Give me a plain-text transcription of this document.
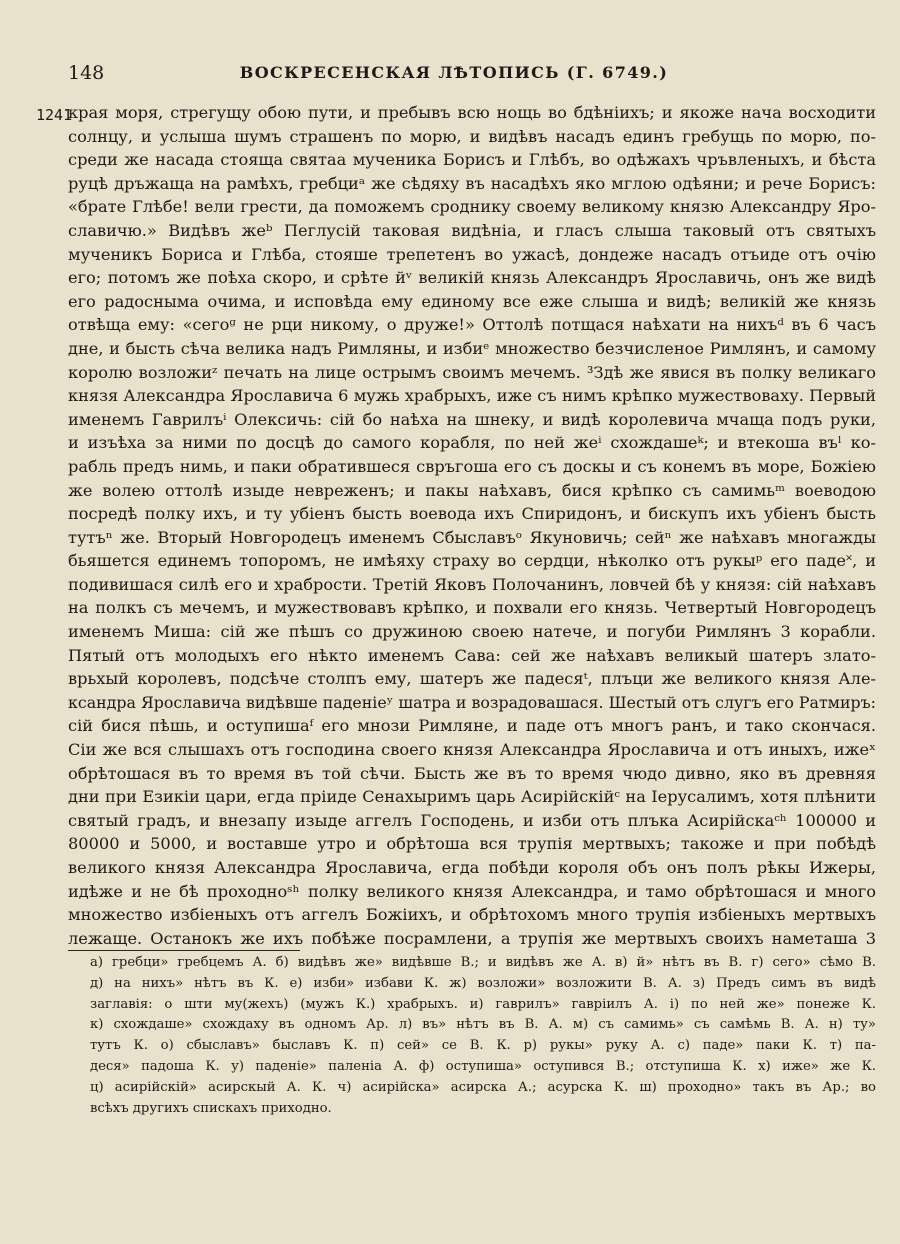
148	ВОСКРЕСЕНСКАЯ ЛѢТОПИСЬ (Г. 6749.)
1241
края моря, стрегущу обою пути, и пребывъ всю нощь во бдѣнiихъ; и якоже нача восходити
солнцу, и услыша шумъ страшенъ по морю, и видѣвъ насадъ единъ гребущь по морю, по-
среди же насада стояща святаа мученика Борисъ и Глѣбъ, во одѣжахъ чръвленыхъ, и бѣста
руцѣ дръжаща на рамѣхъ, гребциᵃ же сѣдяху въ насадѣхъ яко мглою одѣяни; и рече Борисъ:
«брате Глѣбе! вели грести, да поможемъ сроднику своему великому князю Александру Яро-
славичю.» Видѣвъ жеᵇ Пеглусiй таковая видѣнiа, и гласъ слыша таковый отъ святыхъ
мученикъ Бориса и Глѣба, стояше трепетенъ во ужасѣ, дондеже насадъ отъиде отъ очiю
его; потомъ же поѣха скоро, и срѣте йᵛ великiй князь Александръ Ярославичь, онъ же видѣ
его радосныма очима, и исповѣда ему единому все еже слыша и видѣ; великiй же князь
отвѣща ему: «сегоᵍ не рци никому, о друже!» Оттолѣ потщася наѣхати на нихъᵈ въ 6 часъ
дне, и бысть сѣча велика надъ Римляны, и избиᵉ множество безчисленое Римлянъ, и самому
королю возложиᶻ печать на лице острымъ своимъ мечемъ. ³Здѣ же явися въ полку великаго
князя Александра Ярославича 6 мужь храбрыхъ, иже съ нимъ крѣпко мужествоваху. Первый
именемъ Гаврилъⁱ Олексичь: сiй бо наѣха на шнеку, и видѣ королевича мчаща подъ руки,
и изъѣха за ними по досцѣ до самого корабля, по ней жеⁱ схождашеᵏ; и втекоша въˡ ко-
рабль предъ нимь, и паки обратившеся свръгоша его съ доскы и съ конемъ въ море, Божiею
же волею оттолѣ изыде невреженъ; и пакы наѣхавъ, бися крѣпко съ самимьᵐ воеводою
посредѣ полку ихъ, и ту убiенъ бысть воевода ихъ Спиридонъ, и бискупъ ихъ убiенъ бысть
тутъⁿ же. Вторый Новгородецъ именемъ Сбыславъᵒ Якуновичь; сейⁿ же наѣхавъ многажды
бьяшется единемъ топоромъ, не имѣяху страху во сердци, нѣколко отъ рукыᵖ его паде˟, и
подивишася силѣ его и храбрости. Третiй Яковъ Полочанинъ, ловчей бѣ у князя: сiй наѣхавъ
на полкъ съ мечемъ, и мужествовавъ крѣпко, и похвали его князь. Четвертый Новгородецъ
именемъ Миша: сiй же пѣшъ со дружиною своею натече, и погуби Римлянъ 3 корабли.
Пятый отъ молодыхъ его нѣкто именемъ Сава: сей же наѣхавъ великый шатеръ злато-
врьхый королевъ, подсѣче столпъ ему, шатеръ же падесяᵗ, плъци же великого князя Але-
ксандра Ярославича видѣвше паденiеʸ шатра и возрадовашася. Шестый отъ слугъ его Ратмиръ:
сiй бися пѣшь, и оступишаᶠ его мнози Римляне, и паде отъ многъ ранъ, и тако скончася.
Сiи же вся слышахъ отъ господина своего князя Александра Ярославича и отъ иныхъ, ижеˣ
обрѣтошася въ то время въ той сѣчи. Бысть же въ то время чюдо дивно, яко въ древняя
дни при Езикiи цари, егда прiиде Сенахыримъ царь Асирiйскiйᶜ на Iерусалимъ, хотя плѣнити
святый градъ, и внезапу изыде аггелъ Господень, и изби отъ плъка Асирiйскаᶜʰ 100000 и
80000 и 5000, и воставше утро и обрѣтоша вся трупiя мертвыхъ; такожe и при побѣдѣ
великого князя Александра Ярославича, егда побѣди короля объ онъ полъ рѣкы Ижеры,
идѣже и не бѣ проходноˢʰ полку великого князя Александра, и тамо обрѣтошася и много
множество избiеныхъ отъ аггелъ Божiихъ, и обрѣтохомъ много трупiя избiеныхъ мертвыхъ
лежаще. Останокъ же ихъ побѣже посрамлени, а трупiя же мертвыхъ своихъ наметаша 3
а) гребци» гребцемъ А. б) видѣвъ же» видѣвше В.; и видѣвъ же А. в) й» нѣтъ въ В. г) сего» сѣмо В.
д) на нихъ» нѣтъ въ К. е) изби» избави К. ж) возложи» возложити В. А. з) Предъ симъ въ видѣ
заглавiя: о шти му(жехъ) (мужъ К.) храбрыхъ. и) гаврилъ» гаврiилъ А. i) по ней же» понеже К.
к) схождаше» схождаху въ одномъ Ар. л) въ» нѣтъ въ В. А. м) съ самимь» съ самѣмь В. А. н) ту»
тутъ К. о) сбыславъ» быславъ К. п) сей» се В. К. р) рукы» руку А. с) паде» паки К. т) па-
деся» падоша К. у) паденiе» паленiа А. ф) оступиша» оступився В.; отступиша К. х) иже» же К.
ц) асирiйскiй» асирскый А. К. ч) асирiйска» асирска А.; асурска К. ш) проходно» такъ въ Ар.; во
всѣхъ другихъ спискахъ приходно.
